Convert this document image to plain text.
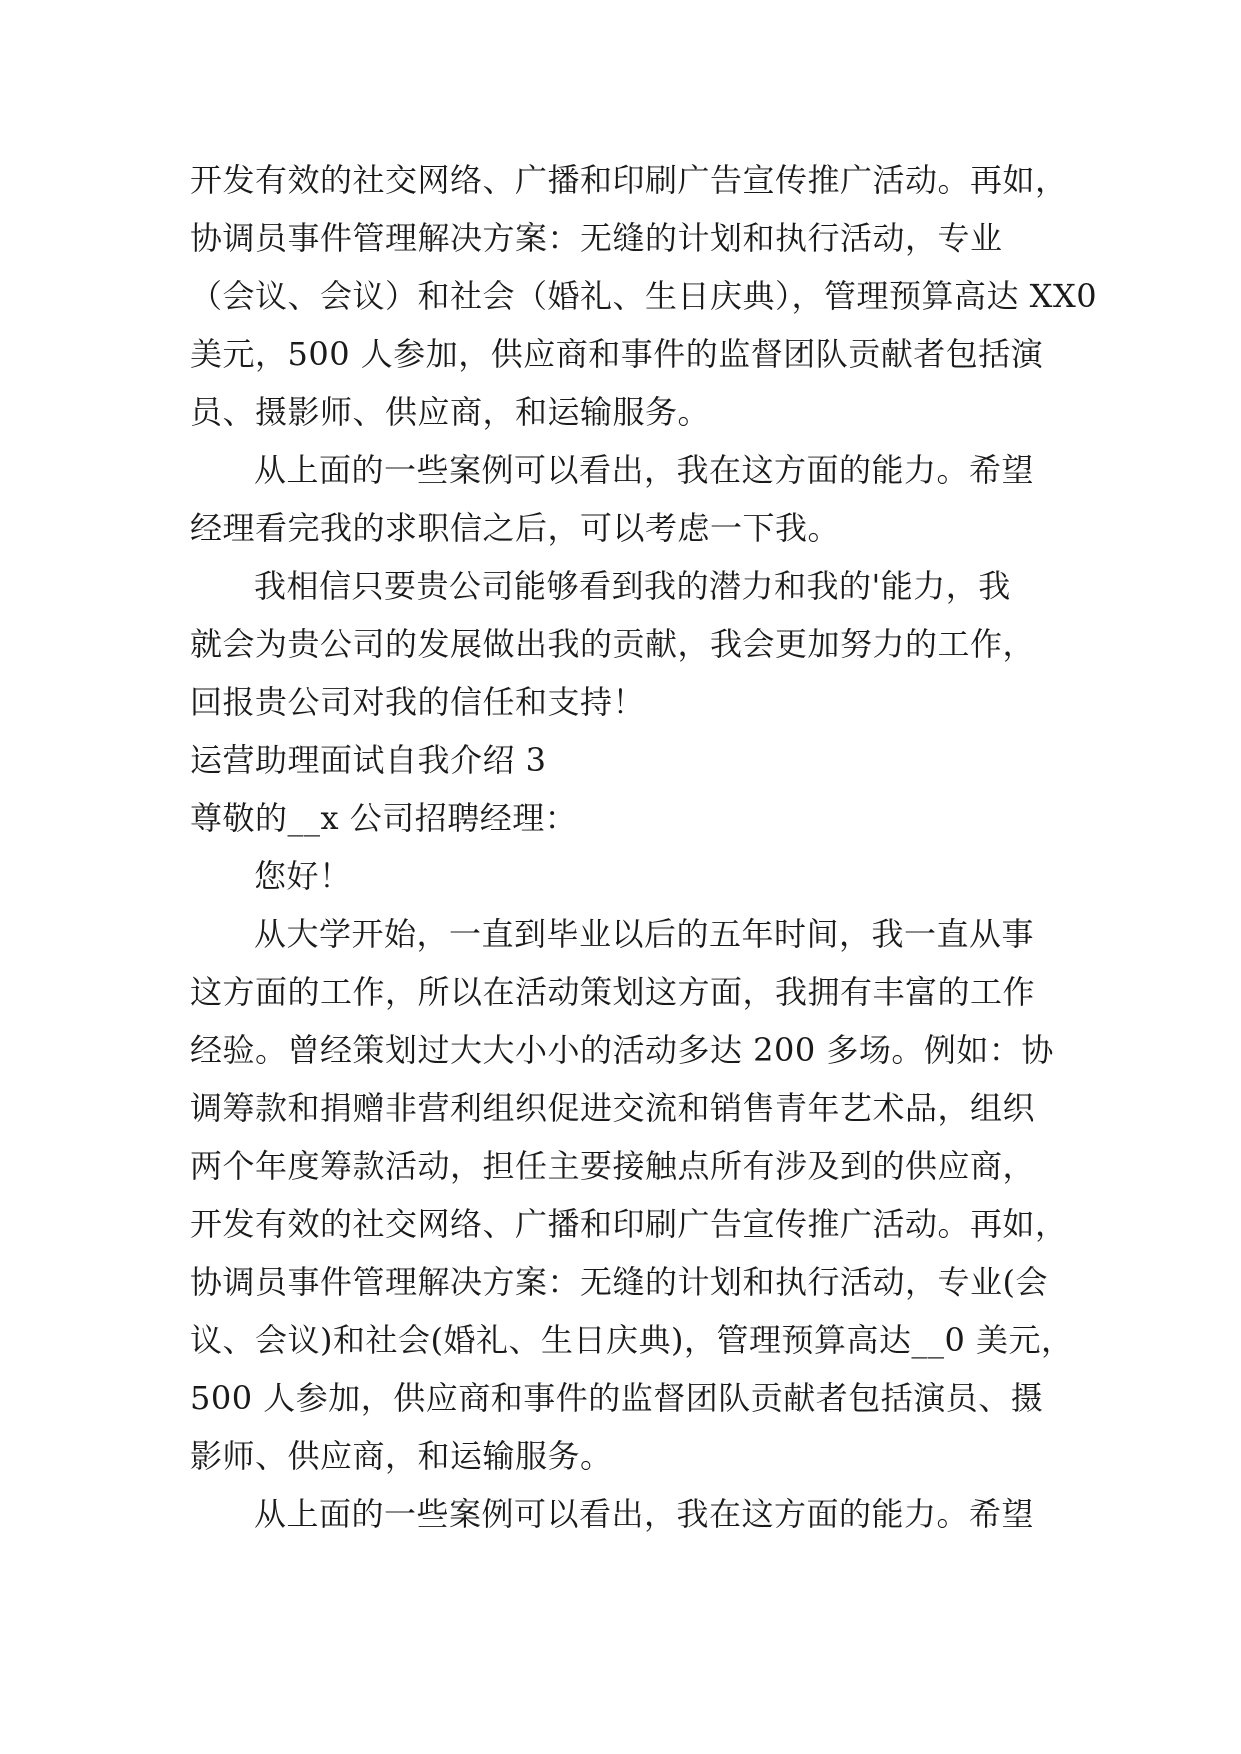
开发有效的社交网络、广播和印刷广告宣传推广活动。再如，
协调员事件管理解决方案：无缝的计划和执行活动，专业
（会议、会议）和社会（婚礼、生日庆典），管理预算高达 XX0
美元，500 人参加，供应商和事件的监督团队贡献者包括演
员、摄影师、供应商，和运输服务。
从上面的一些案例可以看出，我在这方面的能力。希望
经理看完我的求职信之后，可以考虑一下我。
我相信只要贵公司能够看到我的潜力和我的'能力，我
就会为贵公司的发展做出我的贡献，我会更加努力的工作，
回报贵公司对我的信任和支持！
运营助理面试自我介绍 3
尊敬的__x 公司招聘经理：
您好！
从大学开始，一直到毕业以后的五年时间，我一直从事
这方面的工作，所以在活动策划这方面，我拥有丰富的工作
经验。曾经策划过大大小小的活动多达 200 多场。例如：协
调筹款和捐赠非营利组织促进交流和销售青年艺术品，组织
两个年度筹款活动，担任主要接触点所有涉及到的供应商，
开发有效的社交网络、广播和印刷广告宣传推广活动。再如，
协调员事件管理解决方案：无缝的计划和执行活动，专业(会
议、会议)和社会(婚礼、生日庆典)，管理预算高达__0 美元，
500 人参加，供应商和事件的监督团队贡献者包括演员、摄
影师、供应商，和运输服务。
从上面的一些案例可以看出，我在这方面的能力。希望
